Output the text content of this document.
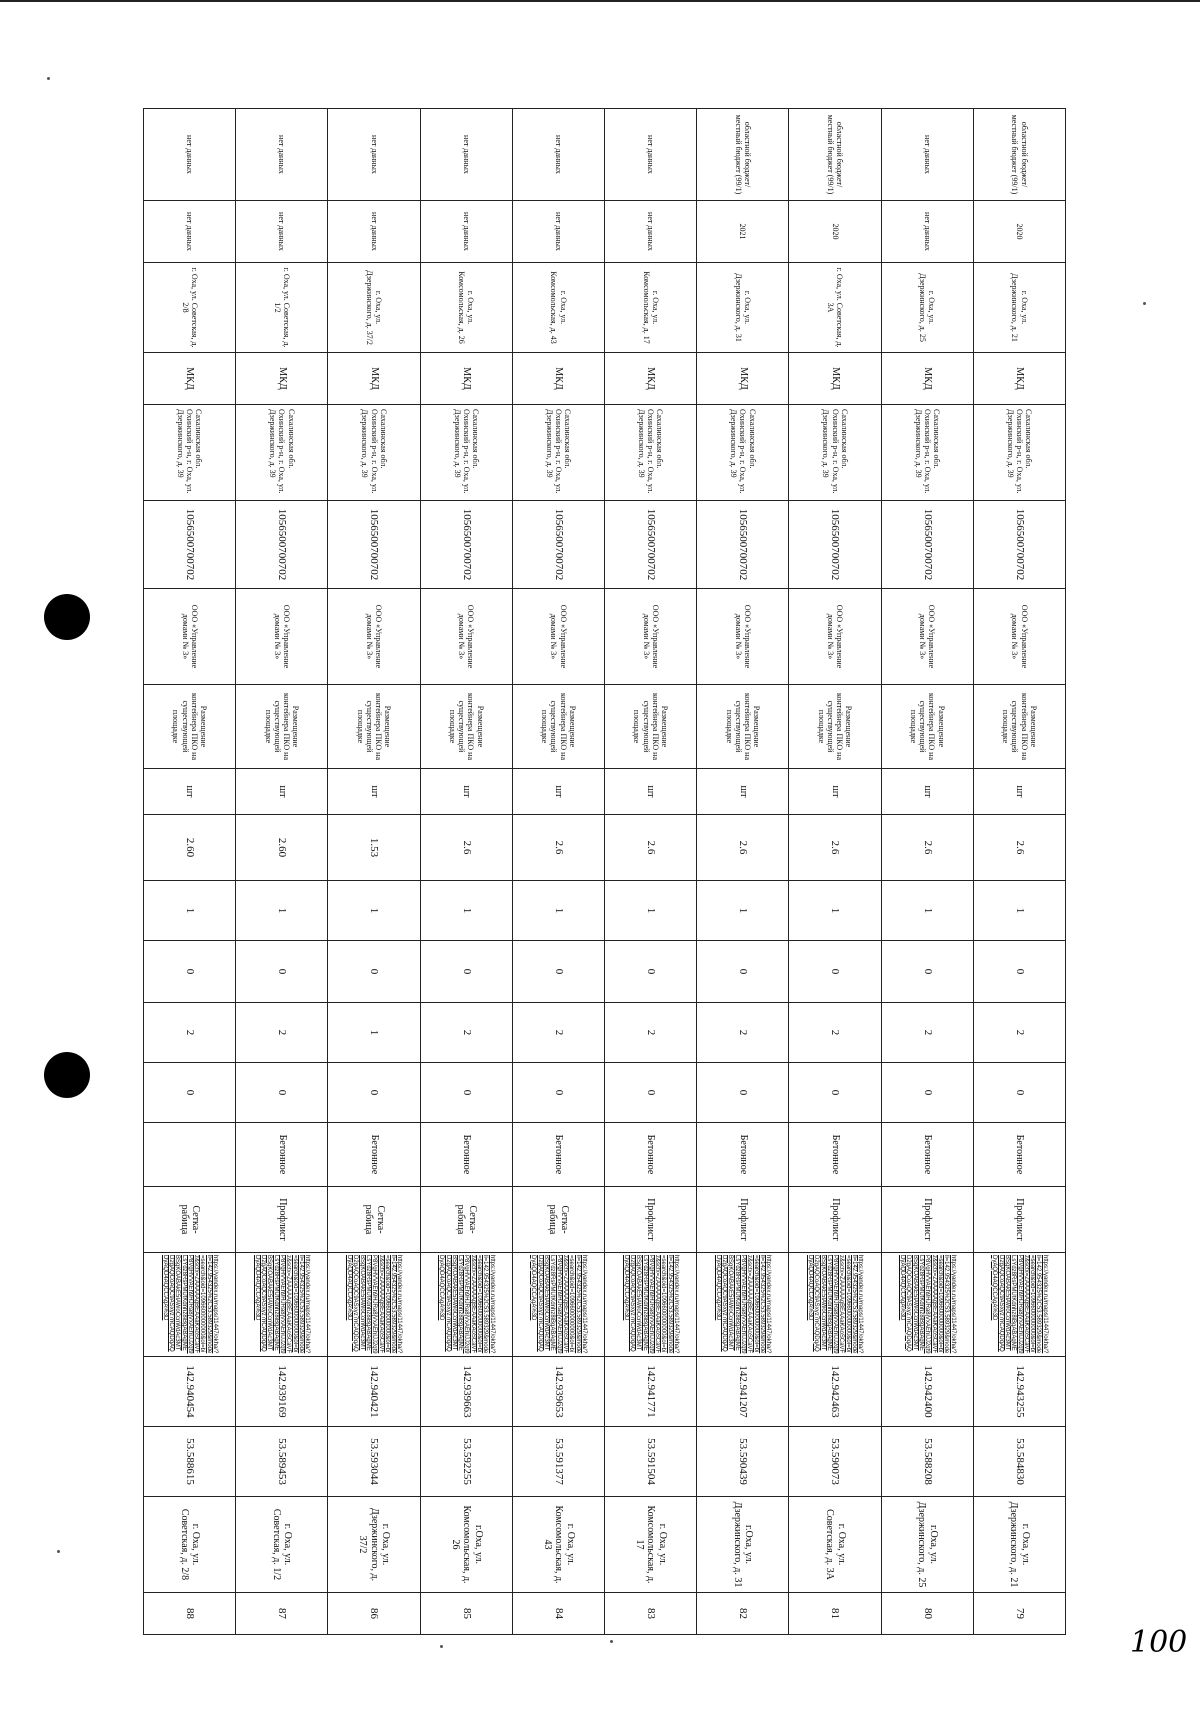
областной бюджет/местный бюджет (99/1)	2020	г. Оха, ул. Дзержинского, д. 21	МКД	Сахалинская обл. Охинский р-н, г. Оха, ул. Дзержинского, д. 39	1056500700702	ООО «Управление домами № 3»	Размещение контейнера ПКО на существующей площадке	шт	2.6	1	0	2	0	Бетонное	Профлист	https://yandex.ru/maps/11447/okha/?ll=142.954325%2C53.589329&mode=search&oid=1096600000000&ol=biz&sctx=ZAAAAAgBEAAaKAoSCaVFP8VgHVVAEh9HJRa8jVxAEhIJJ2qt9LsYdz8RsPMUtKdnhz8iBgABAgMEBSgKOABAkE5IAWoCcnWdAc3MTD2gAQCoAQC9ASxyz7nCAQDqAQDyAQD4AQCCAgA%3D	142.943255	53.584830	г. Оха, ул. Дзержинского, д. 21	79
нет данных	нет данных	г. Оха, ул. Дзержинского, д. 25	МКД	Сахалинская обл. Охинский р-н, г. Оха, ул. Дзержинского, д. 39	1056500700702	ООО «Управление домами № 3»	Размещение контейнера ПКО на существующей площадке	шт	2.6	1	0	2	0	Бетонное	Профлист	https://yandex.ru/maps/11447/okha/?ll=142.954325%2C53.589329&mode=search&oid=1096600000000&ol=biz&sctx=ZAAAAAgBEAAaKAoSCaVFP8VgHVVAEh9HJRa8jVxAEhIJJ2qt9LsYdz8RsPMUtKdnhz8iBgABAgMEBSgKOABAkE5IAWoCcnWdAc3MTD2gAQCoAQC9ASxyz7nCAQDqAQDyAQD4AQCCAgA%3D	142.942400	53.588208	г.Оха, ул. Дзержинского, д. 25	80
областной бюджет/местный бюджет (99/1)	2020	г. Оха, ул. Советская, д. 3А	МКД	Сахалинская обл. Охинский р-н, г. Оха, ул. Дзержинского, д. 39	1056500700702	ООО «Управление домами № 3»	Размещение контейнера ПКО на существующей площадке	шт	2.6	1	0	2	0	Бетонное	Профлист	https://yandex.ru/maps/11447/okha/?ll=142.954325%2C53.589329&mode=search&oid=1096600000000&ol=biz&sctx=ZAAAAAgBEAAaKAoSCaVFP8VgHVVAEh9HJRa8jVxAEhIJJ2qt9LsYdz8RsPMUtKdnhz8iBgABAgMEBSgKOABAkE5IAWoCcnWdAc3MTD2gAQCoAQC9ASxyz7nCAQDqAQDyAQD4AQCCAgA%3D	142.942463	53.590073	г. Оха, ул. Советская, д. 3А	81
областной бюджет/местный бюджет (99/1)	2021	г. Оха, ул. Дзержинского, д. 31	МКД	Сахалинская обл. Охинский р-н, г. Оха, ул. Дзержинского, д. 39	1056500700702	ООО «Управление домами № 3»	Размещение контейнера ПКО на существующей площадке	шт	2.6	1	0	2	0	Бетонное	Профлист	https://yandex.ru/maps/11447/okha/?ll=142.954325%2C53.589329&mode=search&oid=1096600000000&ol=biz&sctx=ZAAAAAgBEAAaKAoSCaVFP8VgHVVAEh9HJRa8jVxAEhIJJ2qt9LsYdz8RsPMUtKdnhz8iBgABAgMEBSgKOABAkE5IAWoCcnWdAc3MTD2gAQCoAQC9ASxyz7nCAQDqAQDyAQD4AQCCAgA%3D	142.941207	53.590439	г.Оха, ул. Дзержинского, д. 31	82
нет данных	нет данных	г. Оха, ул. Комсомольская, д. 17	МКД	Сахалинская обл. Охинский р-н, г. Оха, ул. Дзержинского, д. 39	1056500700702	ООО «Управление домами № 3»	Размещение контейнера ПКО на существующей площадке	шт	2.6	1	0	2	0	Бетонное	Профлист	https://yandex.ru/maps/11447/okha/?ll=142.954325%2C53.589329&mode=search&oid=1096600000000&ol=biz&sctx=ZAAAAAgBEAAaKAoSCaVFP8VgHVVAEh9HJRa8jVxAEhIJJ2qt9LsYdz8RsPMUtKdnhz8iBgABAgMEBSgKOABAkE5IAWoCcnWdAc3MTD2gAQCoAQC9ASxyz7nCAQDqAQDyAQD4AQCCAgA%3D	142.941771	53.591504	г. Оха, ул. Комсомольская, д. 17	83
нет данных	нет данных	г. Оха, ул. Комсомольская, д. 43	МКД	Сахалинская обл. Охинский р-н, г. Оха, ул. Дзержинского, д. 39	1056500700702	ООО «Управление домами № 3»	Размещение контейнера ПКО на существующей площадке	шт	2.6	1	0	2	0	Бетонное	Сетка-рабица	https://yandex.ru/maps/11447/okha/?ll=142.954325%2C53.589329&mode=search&oid=1096600000000&ol=biz&sctx=ZAAAAAgBEAAaKAoSCaVFP8VgHVVAEh9HJRa8jVxAEhIJJ2qt9LsYdz8RsPMUtKdnhz8iBgABAgMEBSgKOABAkE5IAWoCcnWdAc3MTD2gAQCoAQC9ASxyz7nCAQDqAQDyAQD4AQCCAgA%3D	142.939653	53.591377	г. Оха, ул. Комсомольская, д. 43	84
нет данных	нет данных	г. Оха, ул. Комсомольская, д. 26	МКД	Сахалинская обл. Охинский р-н, г. Оха, ул. Дзержинского, д. 39	1056500700702	ООО «Управление домами № 3»	Размещение контейнера ПКО на существующей площадке	шт	2.6	1	0	2	0	Бетонное	Сетка-рабица	https://yandex.ru/maps/11447/okha/?ll=142.954325%2C53.589329&mode=search&oid=1096600000000&ol=biz&sctx=ZAAAAAgBEAAaKAoSCaVFP8VgHVVAEh9HJRa8jVxAEhIJJ2qt9LsYdz8RsPMUtKdnhz8iBgABAgMEBSgKOABAkE5IAWoCcnWdAc3MTD2gAQCoAQC9ASxyz7nCAQDqAQDyAQD4AQCCAgA%3D	142.939663	53.592255	г.Оха, ул. Комсомольская, д. 26	85
нет данных	нет данных	г. Оха, ул. Дзержинского, д. 37/2	МКД	Сахалинская обл. Охинский р-н, г. Оха, ул. Дзержинского, д. 39	1056500700702	ООО «Управление домами № 3»	Размещение контейнера ПКО на существующей площадке	шт	1.53	1	0	1	0	Бетонное	Сетка-рабица	https://yandex.ru/maps/11447/okha/?ll=142.954325%2C53.589329&mode=search&oid=1096600000000&ol=biz&sctx=ZAAAAAgBEAAaKAoSCaVFP8VgHVVAEh9HJRa8jVxAEhIJJ2qt9LsYdz8RsPMUtKdnhz8iBgABAgMEBSgKOABAkE5IAWoCcnWdAc3MTD2gAQCoAQC9ASxyz7nCAQDqAQDyAQD4AQCCAgA%3D	142.940421	53.593044	г. Оха, ул. Дзержинского, д. 37/2	86
нет данных	нет данных	г. Оха, ул. Советская, д. 1/2	МКД	Сахалинская обл. Охинский р-н, г. Оха, ул. Дзержинского, д. 39	1056500700702	ООО «Управление домами № 3»	Размещение контейнера ПКО на существующей площадке	шт	2.60	1	0	2	0	Бетонное	Профлист	https://yandex.ru/maps/11447/okha/?ll=142.954325%2C53.589329&mode=search&oid=1096600000000&ol=biz&sctx=ZAAAAAgBEAAaKAoSCaVFP8VgHVVAEh9HJRa8jVxAEhIJJ2qt9LsYdz8RsPMUtKdnhz8iBgABAgMEBSgKOABAkE5IAWoCcnWdAc3MTD2gAQCoAQC9ASxyz7nCAQDqAQDyAQD4AQCCAgA%3D	142.939169	53.589453	г. Оха, ул. Советская, д. 1/2	87
нет данных	нет данных	г. Оха, ул. Советская, д. 2/8	МКД	Сахалинская обл. Охинский р-н, г. Оха, ул. Дзержинского, д. 39	1056500700702	ООО «Управление домами № 3»	Размещение контейнера ПКО на существующей площадке	шт	2.60	1	0	2	0		Сетка-рабица	https://yandex.ru/maps/11447/okha/?ll=142.954325%2C53.589329&mode=search&oid=1096600000000&ol=biz&sctx=ZAAAAAgBEAAaKAoSCaVFP8VgHVVAEh9HJRa8jVxAEhIJJ2qt9LsYdz8RsPMUtKdnhz8iBgABAgMEBSgKOABAkE5IAWoCcnWdAc3MTD2gAQCoAQC9ASxyz7nCAQDqAQDyAQD4AQCCAgA%3D	142.940454	53.588615	г. Оха, ул. Советская, д. 2/8	88
100
